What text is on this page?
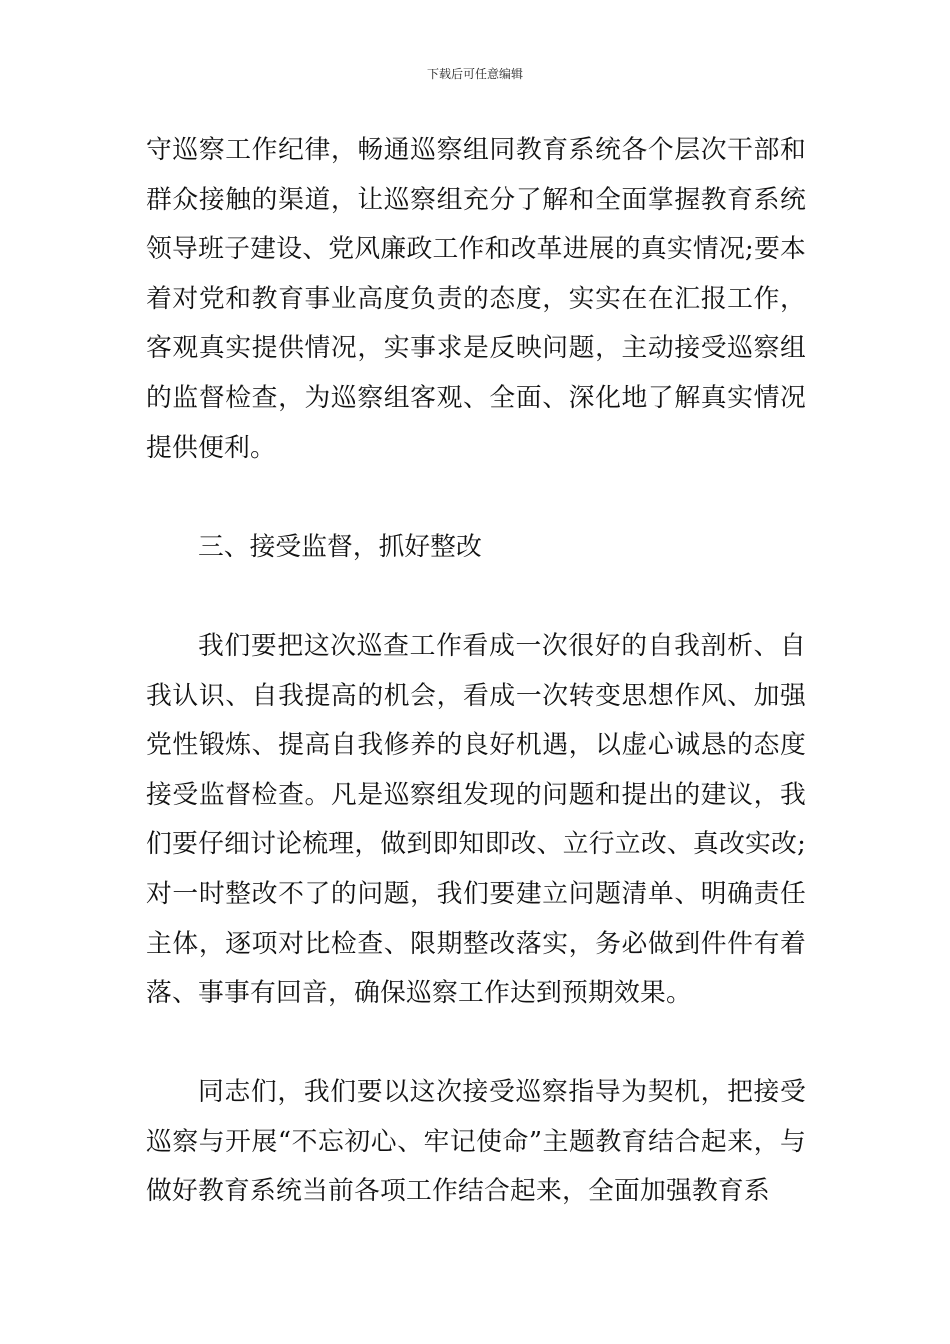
下载后可任意编辑

守巡察工作纪律，畅通巡察组同教育系统各个层次干部和群众接触的渠道，让巡察组充分了解和全面掌握教育系统领导班子建设、党风廉政工作和改革进展的真实情况;要本着对党和教育事业高度负责的态度，实实在在汇报工作，客观真实提供情况，实事求是反映问题，主动接受巡察组的监督检查，为巡察组客观、全面、深化地了解真实情况提供便利。

三、接受监督，抓好整改

我们要把这次巡查工作看成一次很好的自我剖析、自我认识、自我提高的机会，看成一次转变思想作风、加强党性锻炼、提高自我修养的良好机遇，以虚心诚恳的态度接受监督检查。凡是巡察组发现的问题和提出的建议，我们要仔细讨论梳理，做到即知即改、立行立改、真改实改;对一时整改不了的问题，我们要建立问题清单、明确责任主体，逐项对比检查、限期整改落实，务必做到件件有着落、事事有回音，确保巡察工作达到预期效果。

同志们，我们要以这次接受巡察指导为契机，把接受巡察与开展“不忘初心、牢记使命”主题教育结合起来，与做好教育系统当前各项工作结合起来，全面加强教育系
